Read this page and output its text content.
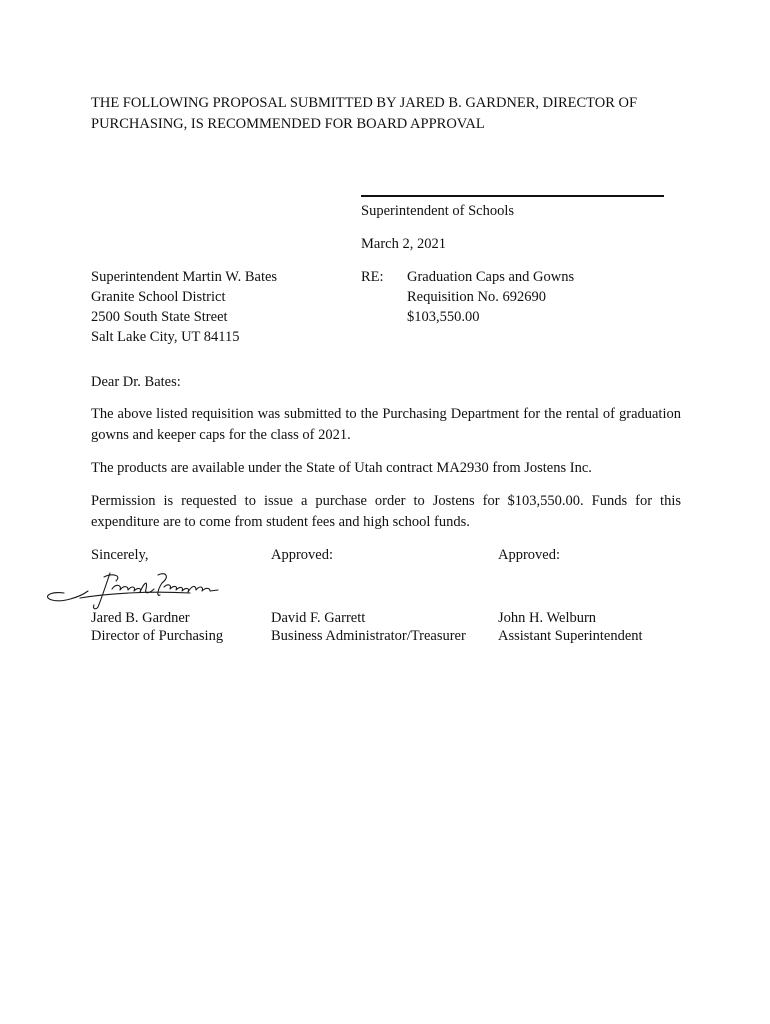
THE FOLLOWING PROPOSAL SUBMITTED BY JARED B. GARDNER, DIRECTOR OF
PURCHASING, IS RECOMMENDED FOR BOARD APPROVAL
Superintendent of Schools
March 2, 2021
Superintendent Martin W. Bates
Granite School District
2500 South State Street
Salt Lake City, UT 84115
RE: Graduation Caps and Gowns
Requisition No. 692690
$103,550.00
Dear Dr. Bates:
The above listed requisition was submitted to the Purchasing Department for the rental of graduation gowns and keeper caps for the class of 2021.
The products are available under the State of Utah contract MA2930 from Jostens Inc.
Permission is requested to issue a purchase order to Jostens for $103,550.00. Funds for this expenditure are to come from student fees and high school funds.
Sincerely,	Approved:	Approved:
Jared B. Gardner
Director of Purchasing
David F. Garrett
Business Administrator/Treasurer
John H. Welburn
Assistant Superintendent
